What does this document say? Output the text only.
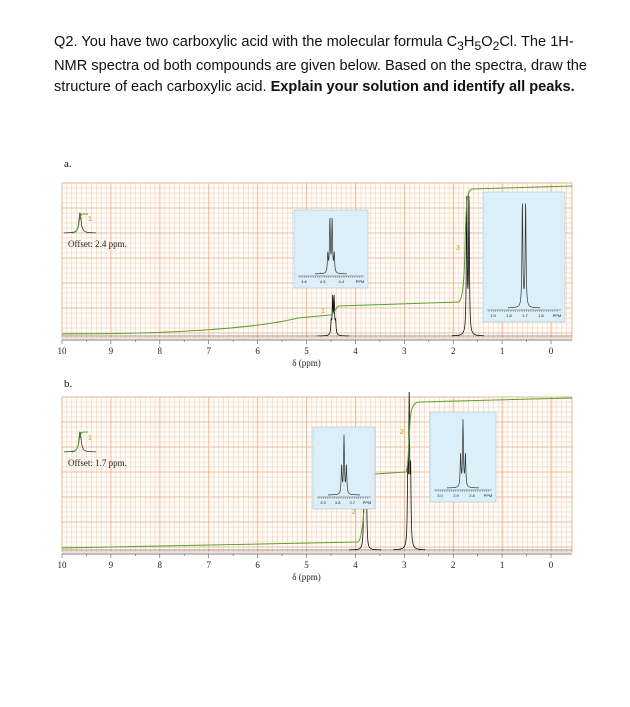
Q2. You have two carboxylic acid with the molecular formula $C_3H_5O_2Cl$. The 1H-NMR spectra od both compounds are given below. Based on the spectra, draw the structure of each carboxylic acid. Explain your solution and identify all peaks.
a.
10	9	8	7	6	5	4	3	2	1	0
δ (ppm)
1
Offset: 2.4 ppm.
1
3
4.6	4.5	4.4	PPM
1.9	1.8	1.7	1.6 PPM
b.
10	9	8	7	6	5	4	3	2	1	0
δ (ppm)
1
Offset: 1.7 ppm.
2
2
3.9 3.8 3.7 PPM
3.0	2.9	2.8 PPM
